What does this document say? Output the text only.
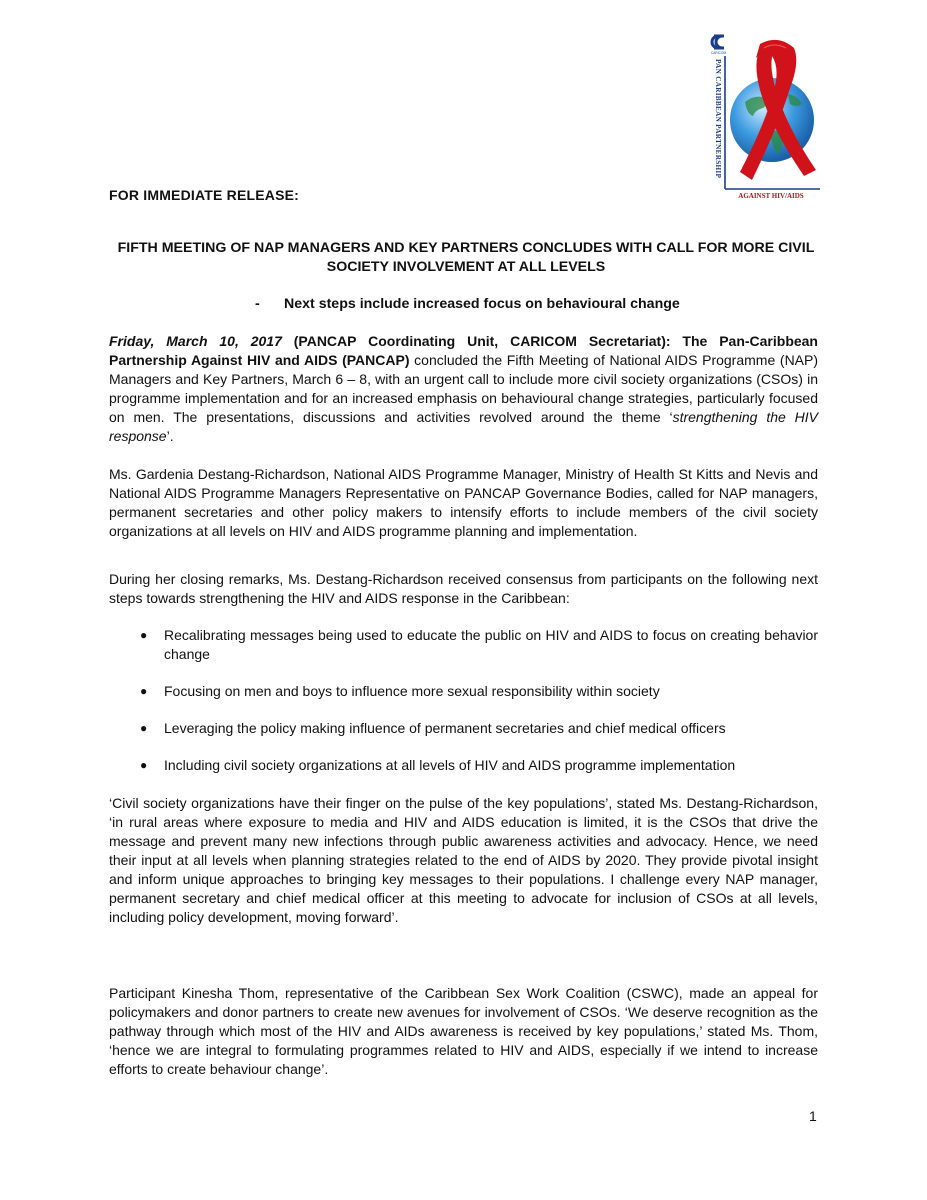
CARICOM
PAN CARIBBEAN PARTNERSHIP
AGAINST HIV/AIDS
FOR IMMEDIATE RELEASE:
FIFTH MEETING OF NAP MANAGERS AND KEY PARTNERS CONCLUDES WITH CALL FOR MORE CIVIL SOCIETY INVOLVEMENT AT ALL LEVELS
- Next steps include increased focus on behavioural change

Friday, March 10, 2017 (PANCAP Coordinating Unit, CARICOM Secretariat): The Pan-Caribbean Partnership Against HIV and AIDS (PANCAP) concluded the Fifth Meeting of National AIDS Programme (NAP) Managers and Key Partners, March 6 – 8, with an urgent call to include more civil society organizations (CSOs) in programme implementation and for an increased emphasis on behavioural change strategies, particularly focused on men. The presentations, discussions and activities revolved around the theme ‘strengthening the HIV response’.

Ms. Gardenia Destang-Richardson, National AIDS Programme Manager, Ministry of Health St Kitts and Nevis and National AIDS Programme Managers Representative on PANCAP Governance Bodies, called for NAP managers, permanent secretaries and other policy makers to intensify efforts to include members of the civil society organizations at all levels on HIV and AIDS programme planning and implementation.

During her closing remarks, Ms. Destang-Richardson received consensus from participants on the following next steps towards strengthening the HIV and AIDS response in the Caribbean:

● Recalibrating messages being used to educate the public on HIV and AIDS to focus on creating behavior change
● Focusing on men and boys to influence more sexual responsibility within society
● Leveraging the policy making influence of permanent secretaries and chief medical officers
● Including civil society organizations at all levels of HIV and AIDS programme implementation

‘Civil society organizations have their finger on the pulse of the key populations’, stated Ms. Destang-Richardson, ‘in rural areas where exposure to media and HIV and AIDS education is limited, it is the CSOs that drive the message and prevent many new infections through public awareness activities and advocacy. Hence, we need their input at all levels when planning strategies related to the end of AIDS by 2020. They provide pivotal insight and inform unique approaches to bringing key messages to their populations. I challenge every NAP manager, permanent secretary and chief medical officer at this meeting to advocate for inclusion of CSOs at all levels, including policy development, moving forward’.

Participant Kinesha Thom, representative of the Caribbean Sex Work Coalition (CSWC), made an appeal for policymakers and donor partners to create new avenues for involvement of CSOs. ‘We deserve recognition as the pathway through which most of the HIV and AIDs awareness is received by key populations,’ stated Ms. Thom, ‘hence we are integral to formulating programmes related to HIV and AIDS, especially if we intend to increase efforts to create behaviour change’.

1
